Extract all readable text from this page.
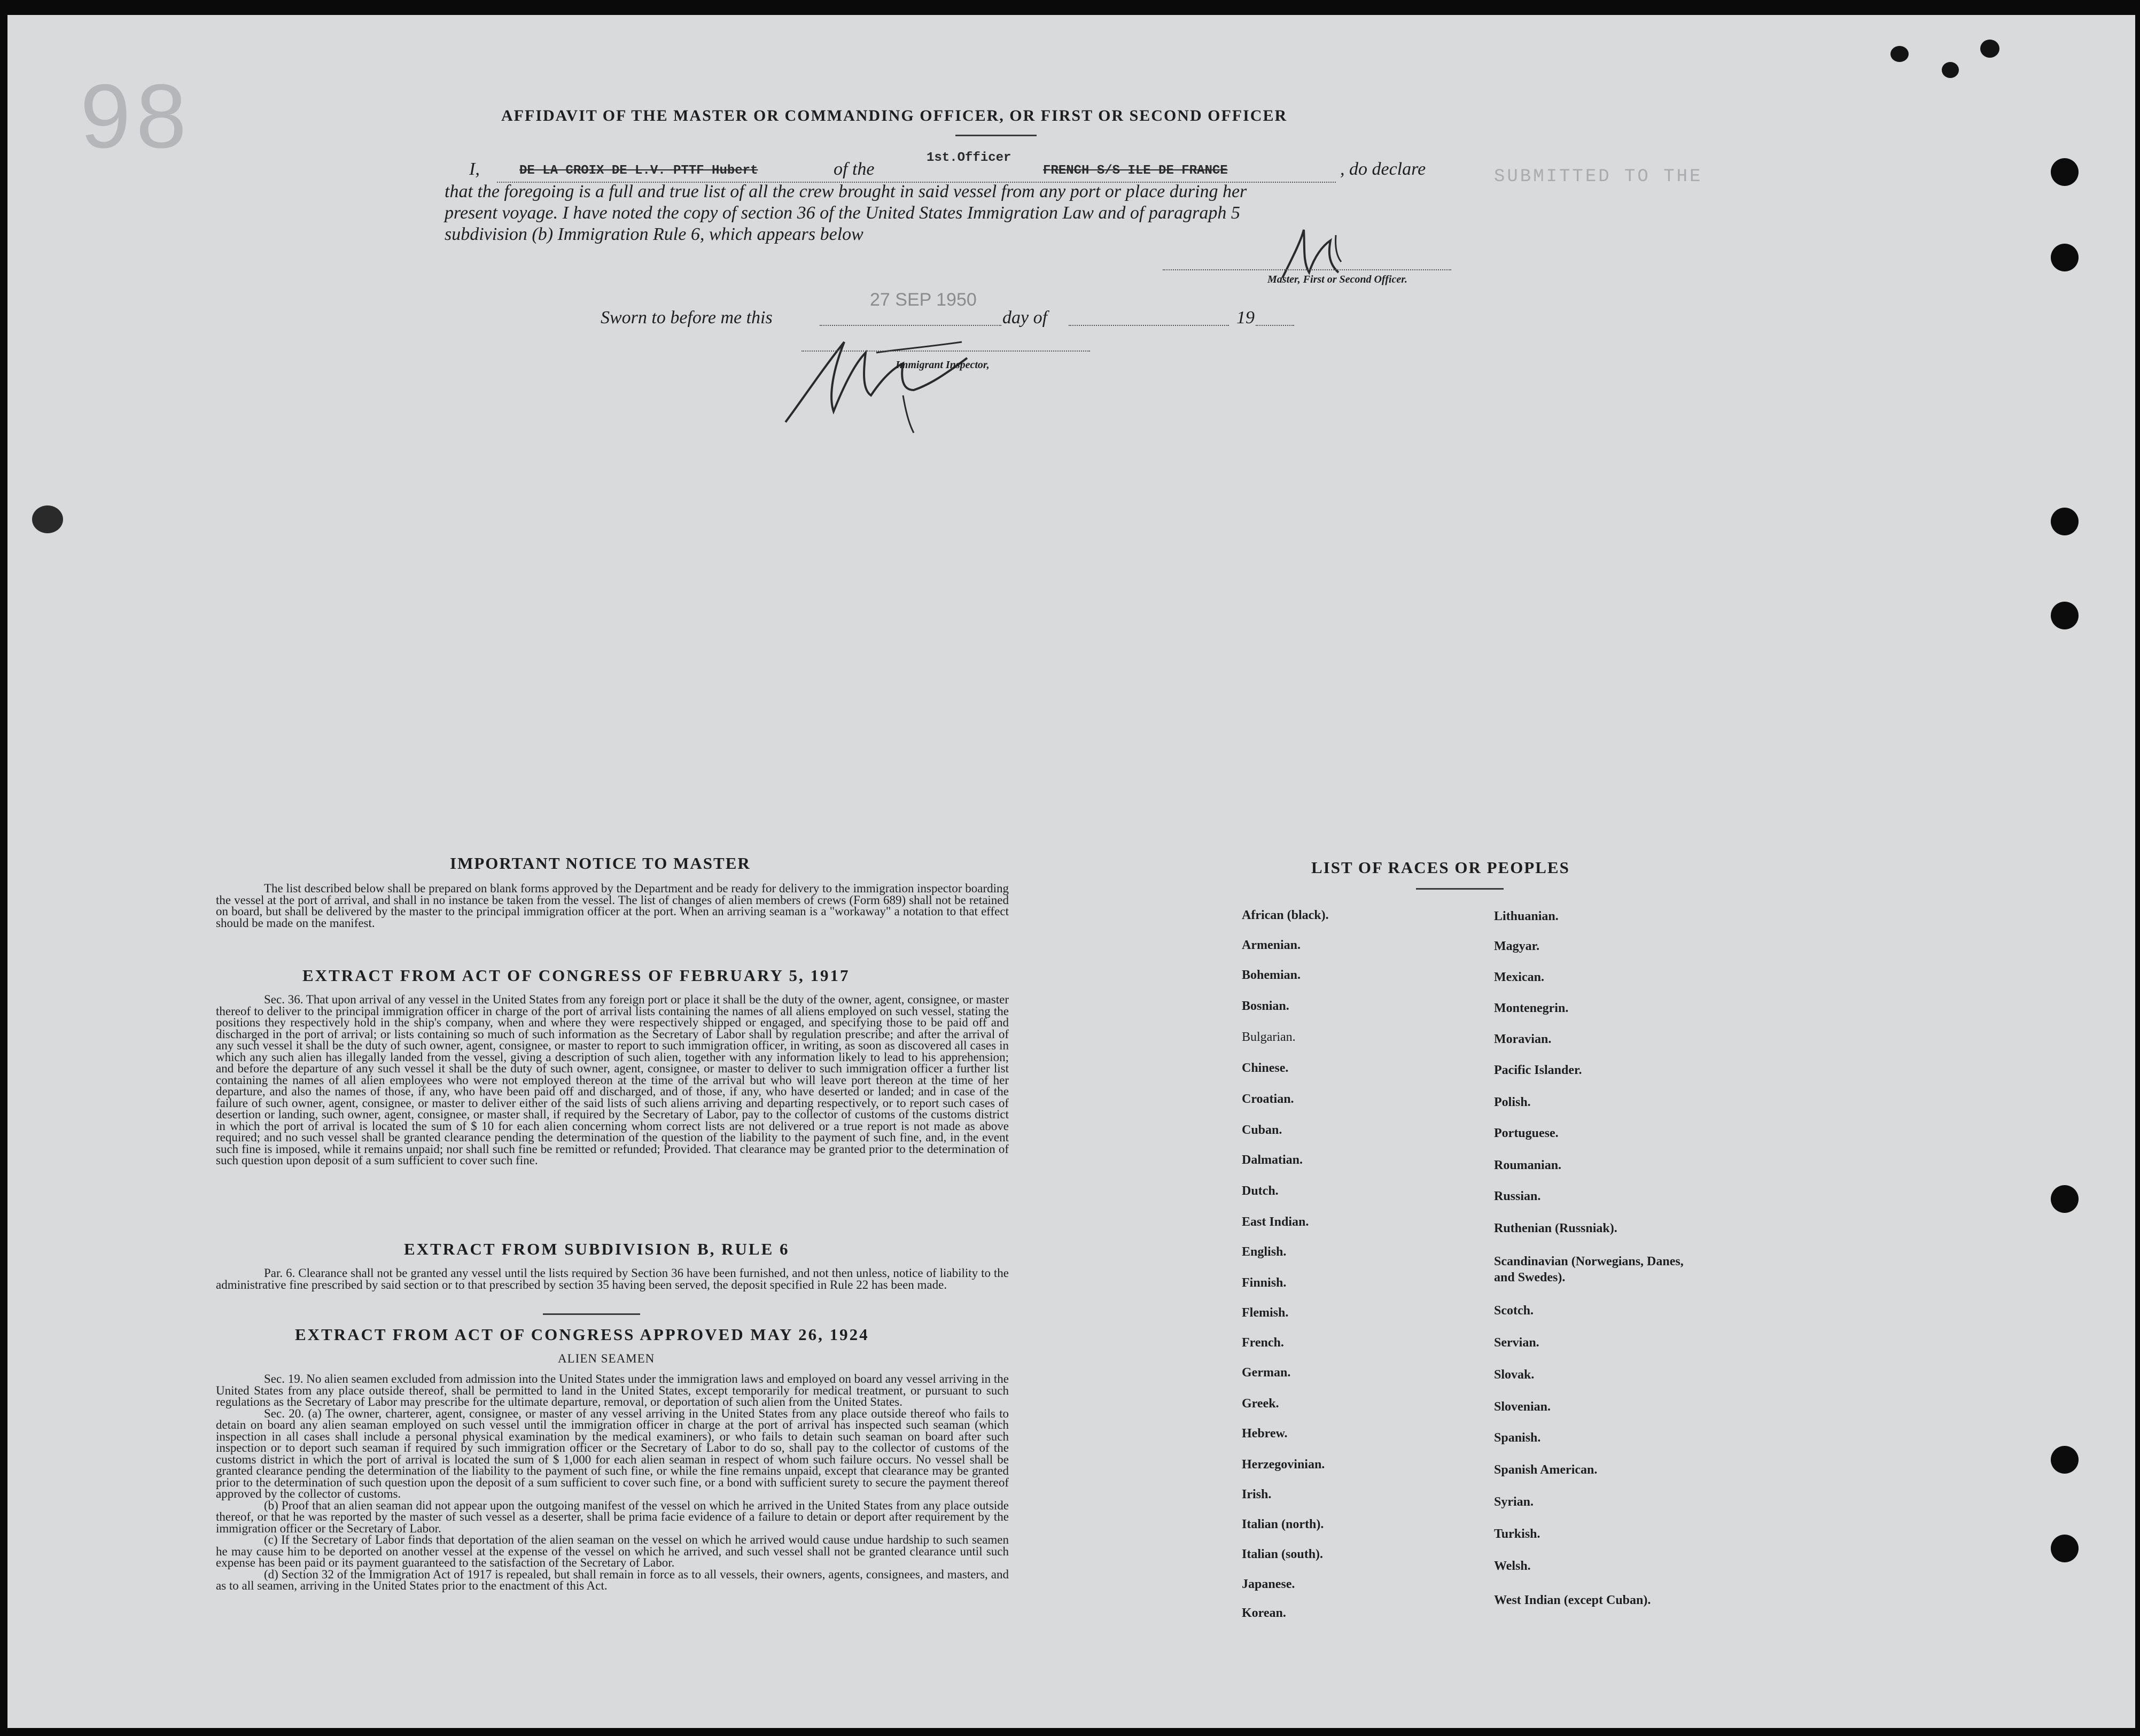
98
SUBMITTED TO THE
AFFIDAVIT OF THE MASTER OR COMMANDING OFFICER, OR FIRST OR SECOND OFFICER
I,	DE LA CROIX DE L.V. PTTF Hubert	of the
1st.Officer
FRENCH S/S ILE DE FRANCE	, do declare
that the foregoing is a full and true list of all the crew brought in said vessel from any port or place during her
present voyage. I have noted the copy of section 36 of the United States Immigration Law and of paragraph 5
subdivision (b) Immigration Rule 6, which appears below
Master, First or Second Officer.
Sworn to before me this
27 SEP 1950
day of	19
Immigrant Inspector,
IMPORTANT NOTICE TO MASTER

The list described below shall be prepared on blank forms approved by the Department and be ready for delivery to the immigration inspector boarding the vessel at the port of arrival, and shall in no instance be taken from the vessel. The list of changes of alien members of crews (Form 689) shall not be retained on board, but shall be delivered by the master to the principal immigration officer at the port. When an arriving seaman is a "workaway" a notation to that effect should be made on the manifest.

EXTRACT FROM ACT OF CONGRESS OF FEBRUARY 5, 1917

Sec. 36. That upon arrival of any vessel in the United States from any foreign port or place it shall be the duty of the owner, agent, consignee, or master thereof to deliver to the principal immigration officer in charge of the port of arrival lists containing the names of all aliens employed on such vessel, stating the positions they respectively hold in the ship's company, when and where they were respectively shipped or engaged, and specifying those to be paid off and discharged in the port of arrival; or lists containing so much of such information as the Secretary of Labor shall by regulation prescribe; and after the arrival of any such vessel it shall be the duty of such owner, agent, consignee, or master to report to such immigration officer, in writing, as soon as discovered all cases in which any such alien has illegally landed from the vessel, giving a description of such alien, together with any information likely to lead to his apprehension; and before the departure of any such vessel it shall be the duty of such owner, agent, consignee, or master to deliver to such immigration officer a further list containing the names of all alien employees who were not employed thereon at the time of the arrival but who will leave port thereon at the time of her departure, and also the names of those, if any, who have been paid off and discharged, and of those, if any, who have deserted or landed; and in case of the failure of such owner, agent, consignee, or master to deliver either of the said lists of such aliens arriving and departing respectively, or to report such cases of desertion or landing, such owner, agent, consignee, or master shall, if required by the Secretary of Labor, pay to the collector of customs of the customs district in which the port of arrival is located the sum of $ 10 for each alien concerning whom correct lists are not delivered or a true report is not made as above required; and no such vessel shall be granted clearance pending the determination of the question of the liability to the payment of such fine, and, in the event such fine is imposed, while it remains unpaid; nor shall such fine be remitted or refunded; Provided. That clearance may be granted prior to the determination of such question upon deposit of a sum sufficient to cover such fine.

EXTRACT FROM SUBDIVISION B, RULE 6

Par. 6. Clearance shall not be granted any vessel until the lists required by Section 36 have been furnished, and not then unless, notice of liability to the administrative fine prescribed by said section or to that prescribed by section 35 having been served, the deposit specified in Rule 22 has been made.

EXTRACT FROM ACT OF CONGRESS APPROVED MAY 26, 1924
ALIEN SEAMEN

Sec. 19. No alien seamen excluded from admission into the United States under the immigration laws and employed on board any vessel arriving in the United States from any place outside thereof, shall be permitted to land in the United States, except temporarily for medical treatment, or pursuant to such regulations as the Secretary of Labor may prescribe for the ultimate departure, removal, or deportation of such alien from the United States.

Sec. 20. (a) The owner, charterer, agent, consignee, or master of any vessel arriving in the United States from any place outside thereof who fails to detain on board any alien seaman employed on such vessel until the immigration officer in charge at the port of arrival has inspected such seaman (which inspection in all cases shall include a personal physical examination by the medical examiners), or who fails to detain such seaman on board after such inspection or to deport such seaman if required by such immigration officer or the Secretary of Labor to do so, shall pay to the collector of customs of the customs district in which the port of arrival is located the sum of $ 1,000 for each alien seaman in respect of whom such failure occurs. No vessel shall be granted clearance pending the determination of the liability to the payment of such fine, or while the fine remains unpaid, except that clearance may be granted prior to the determination of such question upon the deposit of a sum sufficient to cover such fine, or a bond with sufficient surety to secure the payment thereof approved by the collector of customs.

(b) Proof that an alien seaman did not appear upon the outgoing manifest of the vessel on which he arrived in the United States from any place outside thereof, or that he was reported by the master of such vessel as a deserter, shall be prima facie evidence of a failure to detain or deport after requirement by the immigration officer or the Secretary of Labor.

(c) If the Secretary of Labor finds that deportation of the alien seaman on the vessel on which he arrived would cause undue hardship to such seamen he may cause him to be deported on another vessel at the expense of the vessel on which he arrived, and such vessel shall not be granted clearance until such expense has been paid or its payment guaranteed to the satisfaction of the Secretary of Labor.

(d) Section 32 of the Immigration Act of 1917 is repealed, but shall remain in force as to all vessels, their owners, agents, consignees, and masters, and as to all seamen, arriving in the United States prior to the enactment of this Act.

LIST OF RACES OR PEOPLES
African (black).
Armenian.
Bohemian.
Bosnian.
Bulgarian.
Chinese.
Croatian.
Cuban.
Dalmatian.
Dutch.
East Indian.
English.
Finnish.
Flemish.
French.
German.
Greek.
Hebrew.
Herzegovinian.
Irish.
Italian (north).
Italian (south).
Japanese.
Korean.
Lithuanian.
Magyar.
Mexican.
Montenegrin.
Moravian.
Pacific Islander.
Polish.
Portuguese.
Roumanian.
Russian.
Ruthenian (Russniak).
Scandinavian (Norwegians, Danes, and Swedes).
Scotch.
Servian.
Slovak.
Slovenian.
Spanish.
Spanish American.
Syrian.
Turkish.
Welsh.
West Indian (except Cuban).
